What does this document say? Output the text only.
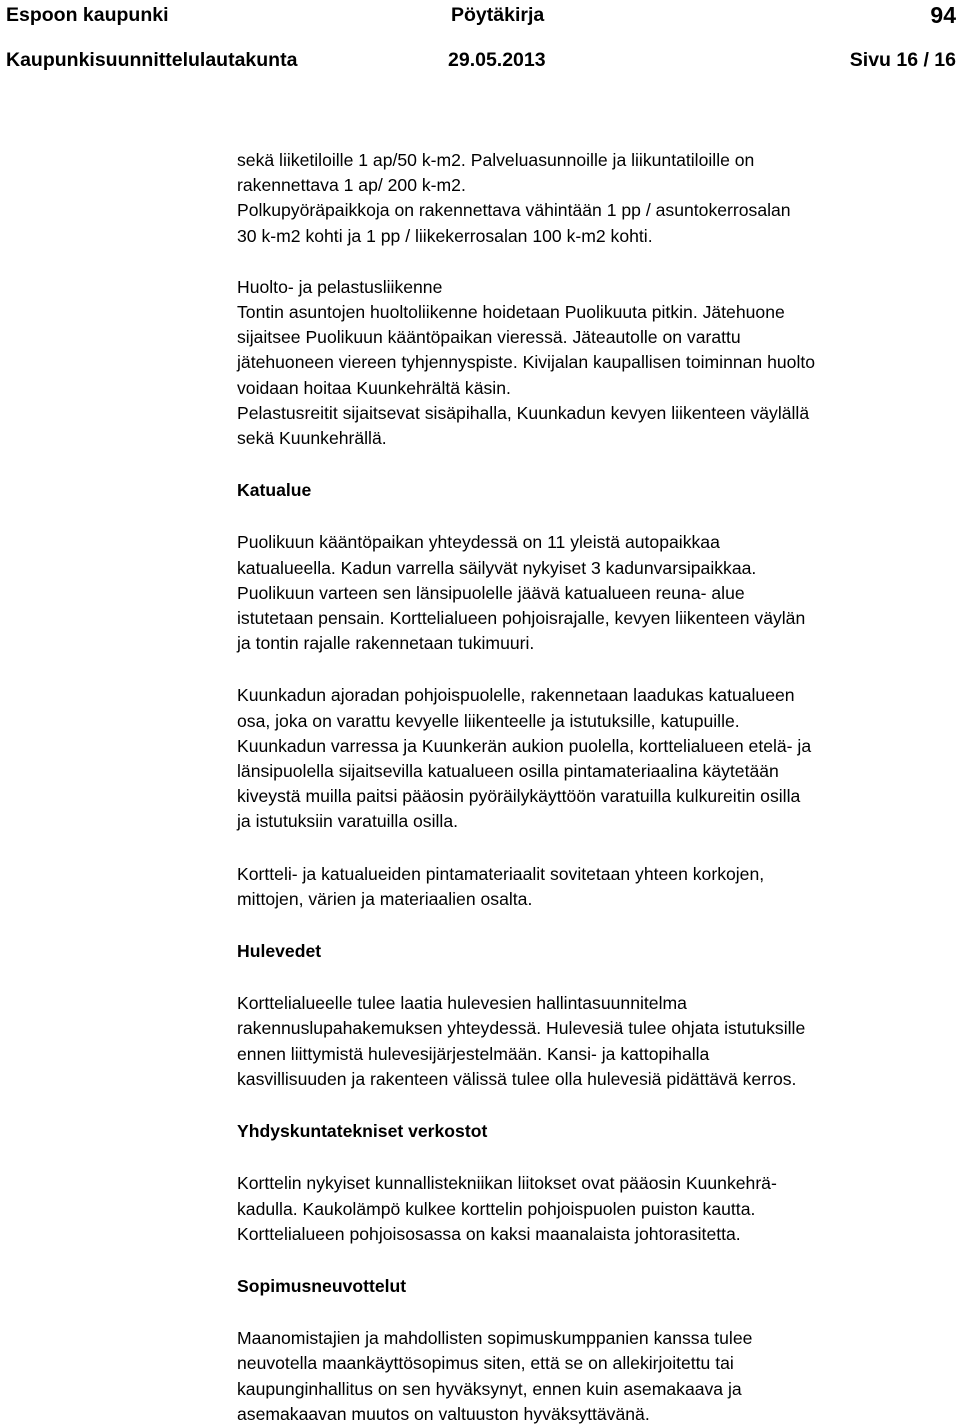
Espoon kaupunki	Pöytäkirja	94
Kaupunkisuunnittelulautakunta	29.05.2013	Sivu 16 / 16

sekä liiketiloille 1 ap/50 k-m2. Palveluasunnoille ja liikuntatiloille on
rakennettava 1 ap/ 200 k-m2.
Polkupyöräpaikkoja on rakennettava vähintään 1 pp / asuntokerrosalan
30 k-m2 kohti ja 1 pp / liikekerrosalan 100 k-m2 kohti.

Huolto- ja pelastusliikenne

Tontin asuntojen huoltoliikenne hoidetaan Puolikuuta pitkin. Jätehuone
sijaitsee Puolikuun kääntöpaikan vieressä. Jäteautolle on varattu
jätehuoneen viereen tyhjennyspiste. Kivijalan kaupallisen toiminnan huolto
voidaan hoitaa Kuunkehrältä käsin.
Pelastusreitit sijaitsevat sisäpihalla, Kuunkadun kevyen liikenteen väylällä
sekä Kuunkehrällä.

Katualue

Puolikuun kääntöpaikan yhteydessä on 11 yleistä autopaikkaa
katualueella. Kadun varrella säilyvät nykyiset 3 kadunvarsipaikkaa.
Puolikuun varteen sen länsipuolelle jäävä katualueen reuna- alue
istutetaan pensain. Korttelialueen pohjoisrajalle, kevyen liikenteen väylän
ja tontin rajalle rakennetaan tukimuuri.

Kuunkadun ajoradan pohjoispuolelle, rakennetaan laadukas katualueen
osa, joka on varattu kevyelle liikenteelle ja istutuksille, katupuille.
Kuunkadun varressa ja Kuunkerän aukion puolella, korttelialueen etelä- ja
länsipuolella sijaitsevilla katualueen osilla pintamateriaalina käytetään
kiveystä muilla paitsi pääosin pyöräilykäyttöön varatuilla kulkureitin osilla
ja istutuksiin varatuilla osilla.

Kortteli- ja katualueiden pintamateriaalit sovitetaan yhteen korkojen,
mittojen, värien ja materiaalien osalta.

Hulevedet

Korttelialueelle tulee laatia hulevesien hallintasuunnitelma
rakennuslupahakemuksen yhteydessä. Hulevesiä tulee ohjata istutuksille
ennen liittymistä hulevesijärjestelmään. Kansi- ja kattopihalla
kasvillisuuden ja rakenteen välissä tulee olla hulevesiä pidättävä kerros.

Yhdyskuntatekniset verkostot

Korttelin nykyiset kunnallistekniikan liitokset ovat pääosin Kuunkehrä-
kadulla. Kaukolämpö kulkee korttelin pohjoispuolen puiston kautta.
Korttelialueen pohjoisosassa on kaksi maanalaista johtorasitetta.

Sopimusneuvottelut

Maanomistajien ja mahdollisten sopimuskumppanien kanssa tulee
neuvotella maankäyttösopimus siten, että se on allekirjoitettu tai
kaupunginhallitus on sen hyväksynyt, ennen kuin asemakaava ja
asemakaavan muutos on valtuuston hyväksyttävänä.
